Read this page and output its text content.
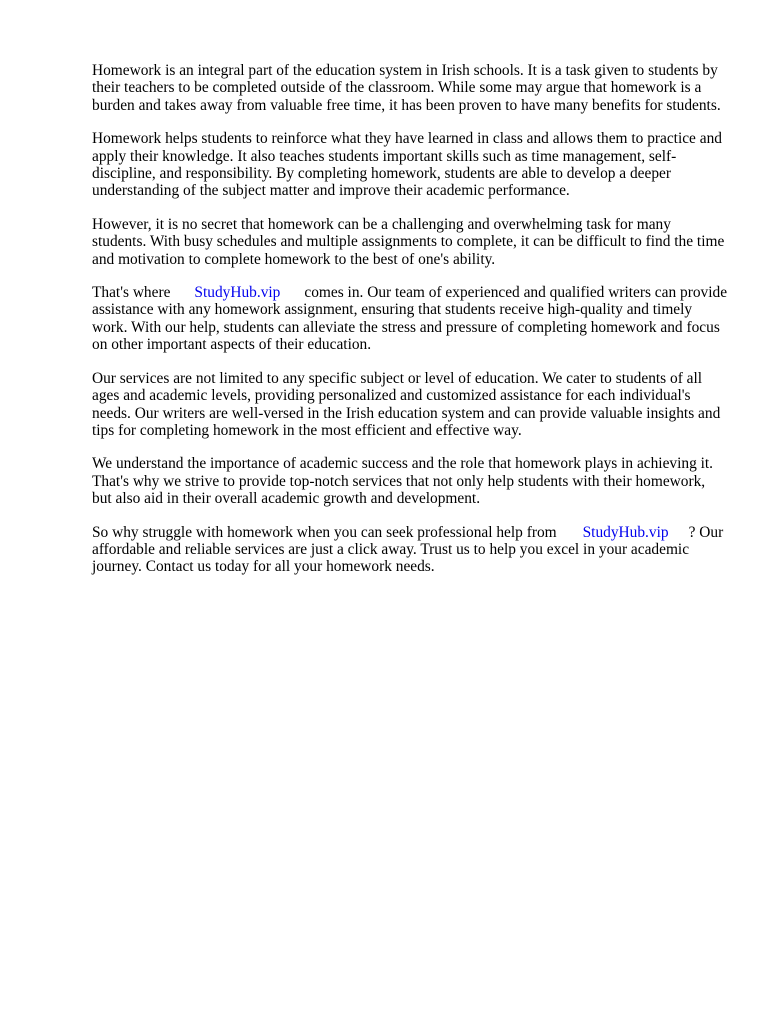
Homework is an integral part of the education system in Irish schools. It is a task given to students by their teachers to be completed outside of the classroom. While some may argue that homework is a burden and takes away from valuable free time, it has been proven to have many benefits for students.

Homework helps students to reinforce what they have learned in class and allows them to practice and apply their knowledge. It also teaches students important skills such as time management, self-discipline, and responsibility. By completing homework, students are able to develop a deeper understanding of the subject matter and improve their academic performance.

However, it is no secret that homework can be a challenging and overwhelming task for many students. With busy schedules and multiple assignments to complete, it can be difficult to find the time and motivation to complete homework to the best of one's ability.

That's where StudyHub.vip comes in. Our team of experienced and qualified writers can provide assistance with any homework assignment, ensuring that students receive high-quality and timely work. With our help, students can alleviate the stress and pressure of completing homework and focus on other important aspects of their education.

Our services are not limited to any specific subject or level of education. We cater to students of all ages and academic levels, providing personalized and customized assistance for each individual's needs. Our writers are well-versed in the Irish education system and can provide valuable insights and tips for completing homework in the most efficient and effective way.

We understand the importance of academic success and the role that homework plays in achieving it. That's why we strive to provide top-notch services that not only help students with their homework, but also aid in their overall academic growth and development.

So why struggle with homework when you can seek professional help from StudyHub.vip ? Our affordable and reliable services are just a click away. Trust us to help you excel in your academic journey. Contact us today for all your homework needs.
